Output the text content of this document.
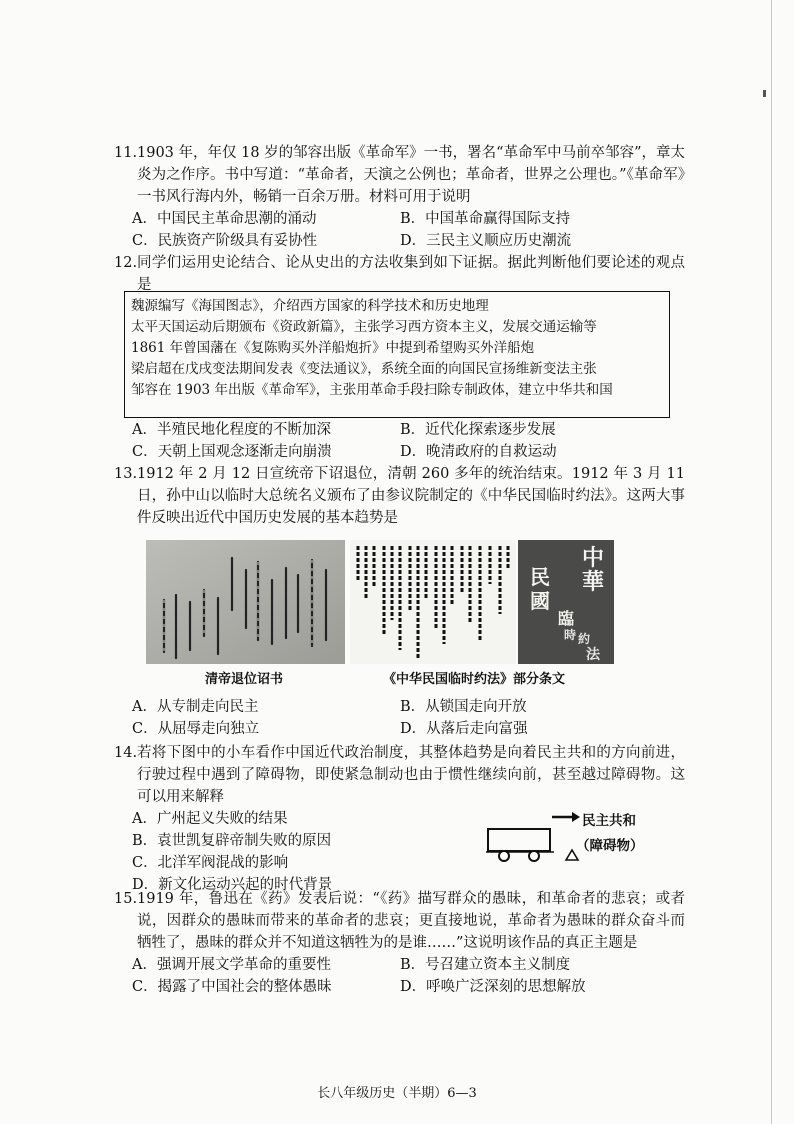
11. 1903 年，年仅 18 岁的邹容出版《革命军》一书，署名“革命军中马前卒邹容”，章太炎为之作序。书中写道：“革命者，天演之公例也；革命者，世界之公理也。”《革命军》一书风行海内外，畅销一百余万册。材料可用于说明
A．中国民主革命思潮的涌动	B．中国革命赢得国际支持
C．民族资产阶级具有妥协性	D．三民主义顺应历史潮流
12. 同学们运用史论结合、论从史出的方法收集到如下证据。据此判断他们要论述的观点是
魏源编写《海国图志》，介绍西方国家的科学技术和历史地理
太平天国运动后期颁布《资政新篇》，主张学习西方资本主义，发展交通运输等
1861 年曾国藩在《复陈购买外洋船炮折》中提到希望购买外洋船炮
梁启超在戊戌变法期间发表《变法通议》，系统全面的向国民宣扬维新变法主张
邹容在 1903 年出版《革命军》，主张用革命手段扫除专制政体，建立中华共和国
A．半殖民地化程度的不断加深	B．近代化探索逐步发展
C．天朝上国观念逐渐走向崩溃	D．晚清政府的自救运动
13. 1912 年 2 月 12 日宣统帝下诏退位，清朝 260 多年的统治结束。1912 年 3 月 11 日，孙中山以临时大总统名义颁布了由参议院制定的《中华民国临时约法》。这两大事件反映出近代中国历史发展的基本趋势是
中
華
民
國
臨
時 約
法
清帝退位诏书	《中华民国临时约法》部分条文
A．从专制走向民主	B．从锁国走向开放
C．从屈辱走向独立	D．从落后走向富强
14. 若将下图中的小车看作中国近代政治制度，其整体趋势是向着民主共和的方向前进，行驶过程中遇到了障碍物，即使紧急制动也由于惯性继续向前，甚至越过障碍物。这可以用来解释
A．广州起义失败的结果
B．袁世凯复辟帝制失败的原因
C．北洋军阀混战的影响
D．新文化运动兴起的时代背景
民主共和
（障碍物）
15. 1919 年，鲁迅在《药》发表后说：“《药》描写群众的愚昧，和革命者的悲哀；或者说，因群众的愚昧而带来的革命者的悲哀；更直接地说，革命者为愚昧的群众奋斗而牺牲了，愚昧的群众并不知道这牺牲为的是谁……”这说明该作品的真正主题是
A．强调开展文学革命的重要性	B．号召建立资本主义制度
C．揭露了中国社会的整体愚昧	D．呼唤广泛深刻的思想解放
长八年级历史（半期）6—3
